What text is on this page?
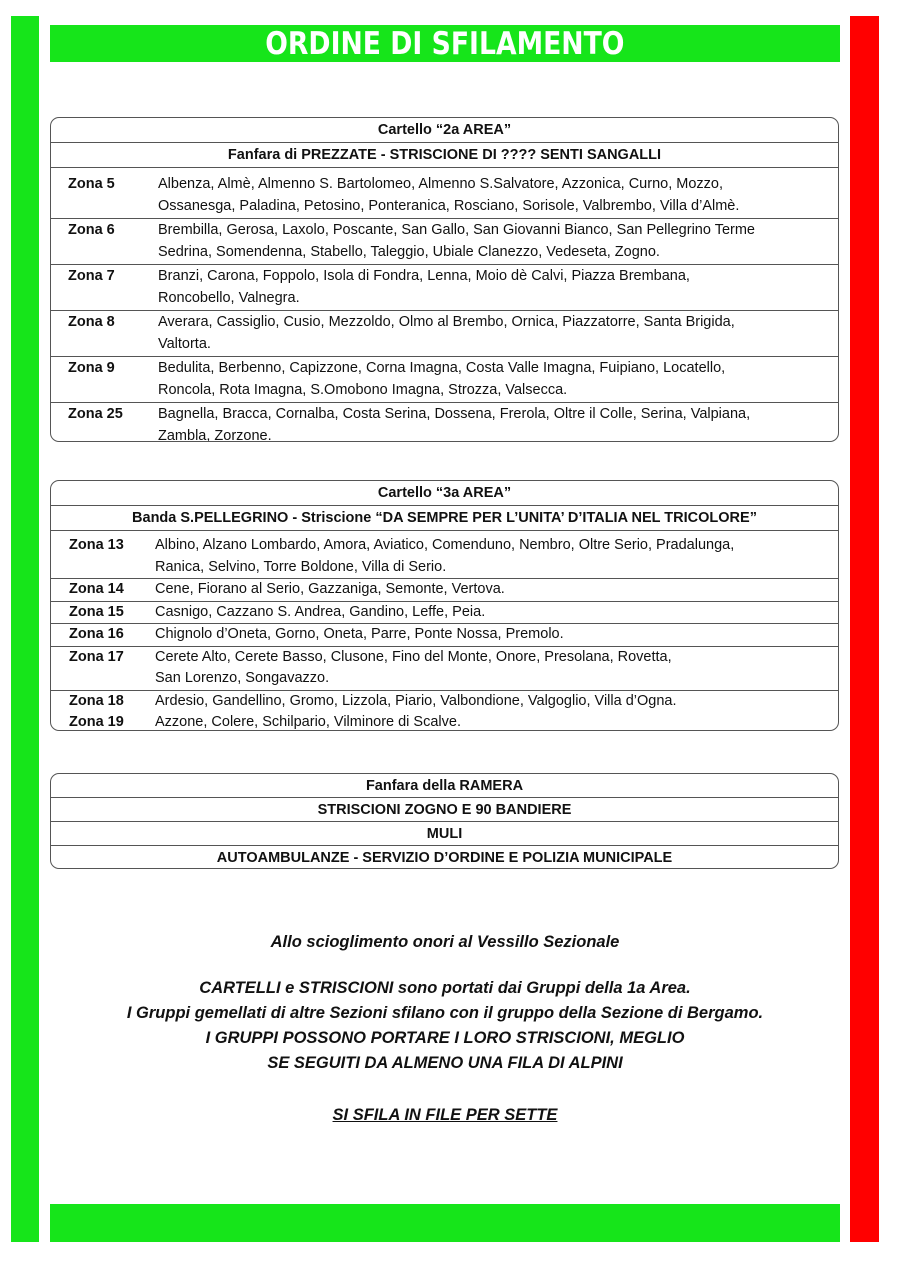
ORDINE DI SFILAMENTO
Cartello “2a AREA”
Fanfara di PREZZATE - STRISCIONE DI ???? SENTI SANGALLI
Zona 5	Albenza, Almè, Almenno S. Bartolomeo, Almenno S.Salvatore, Azzonica, Curno, Mozzo,
Ossanesga, Paladina, Petosino, Ponteranica, Rosciano, Sorisole, Valbrembo, Villa d’Almè.
Zona 6	Brembilla, Gerosa, Laxolo, Poscante, San Gallo, San Giovanni Bianco, San Pellegrino Terme
Sedrina, Somendenna, Stabello, Taleggio, Ubiale Clanezzo, Vedeseta, Zogno.
Zona 7	Branzi, Carona, Foppolo, Isola di Fondra, Lenna, Moio dè Calvi, Piazza Brembana,
Roncobello, Valnegra.
Zona 8	Averara, Cassiglio, Cusio, Mezzoldo, Olmo al Brembo, Ornica, Piazzatorre, Santa Brigida,
Valtorta.
Zona 9	Bedulita, Berbenno, Capizzone, Corna Imagna, Costa Valle Imagna, Fuipiano, Locatello,
Roncola, Rota Imagna, S.Omobono Imagna, Strozza, Valsecca.
Zona 25	Bagnella, Bracca, Cornalba, Costa Serina, Dossena, Frerola, Oltre il Colle, Serina, Valpiana,
Zambla, Zorzone.
Cartello “3a AREA”
Banda S.PELLEGRINO - Striscione “DA SEMPRE PER L’UNITA’ D’ITALIA NEL TRICOLORE”
Zona 13	Albino, Alzano Lombardo, Amora, Aviatico, Comenduno, Nembro, Oltre Serio, Pradalunga,
Ranica, Selvino, Torre Boldone, Villa di Serio.
Zona 14	Cene, Fiorano al Serio, Gazzaniga, Semonte, Vertova.
Zona 15	Casnigo, Cazzano S. Andrea, Gandino, Leffe, Peia.
Zona 16	Chignolo d’Oneta, Gorno, Oneta, Parre, Ponte Nossa, Premolo.
Zona 17	Cerete Alto, Cerete Basso, Clusone, Fino del Monte, Onore, Presolana, Rovetta,
San Lorenzo, Songavazzo.
Zona 18	Ardesio, Gandellino, Gromo, Lizzola, Piario, Valbondione, Valgoglio, Villa d’Ogna.
Zona 19	Azzone, Colere, Schilpario, Vilminore di Scalve.
Fanfara della RAMERA
STRISCIONI ZOGNO E 90 BANDIERE
MULI
AUTOAMBULANZE - SERVIZIO D’ORDINE E POLIZIA MUNICIPALE
Allo scioglimento onori al Vessillo Sezionale
CARTELLI e STRISCIONI sono portati dai Gruppi della 1a Area.
I Gruppi gemellati di altre Sezioni sfilano con il gruppo della Sezione di Bergamo.
I GRUPPI POSSONO PORTARE I LORO STRISCIONI, MEGLIO
SE SEGUITI DA ALMENO UNA FILA DI ALPINI
SI SFILA IN FILE PER SETTE
